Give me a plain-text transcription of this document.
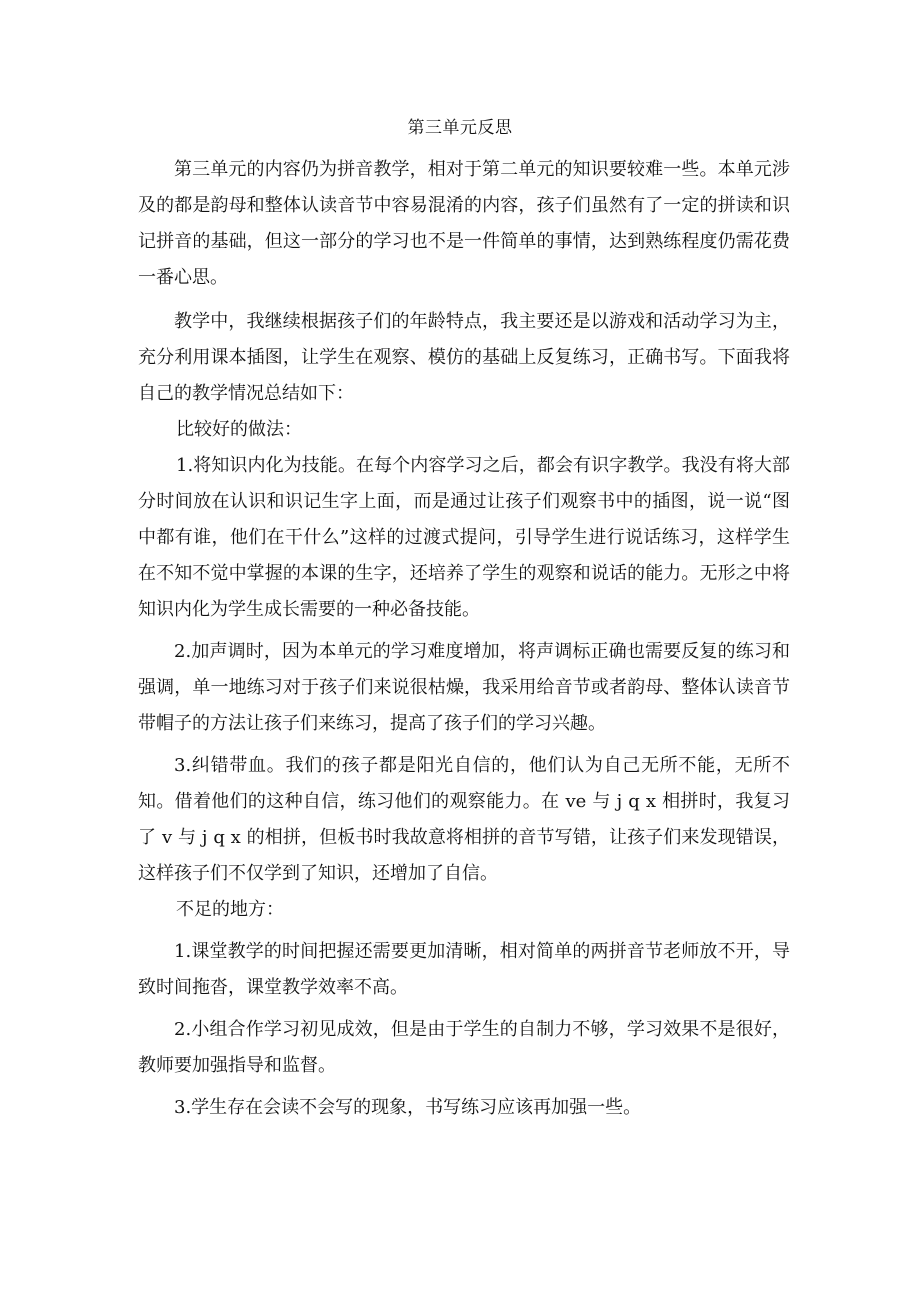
第三单元反思

第三单元的内容仍为拼音教学，相对于第二单元的知识要较难一些。本单元涉及的都是韵母和整体认读音节中容易混淆的内容，孩子们虽然有了一定的拼读和识记拼音的基础，但这一部分的学习也不是一件简单的事情，达到熟练程度仍需花费一番心思。

教学中，我继续根据孩子们的年龄特点，我主要还是以游戏和活动学习为主，充分利用课本插图，让学生在观察、模仿的基础上反复练习，正确书写。下面我将自己的教学情况总结如下：

比较好的做法：

1.将知识内化为技能。在每个内容学习之后，都会有识字教学。我没有将大部分时间放在认识和识记生字上面，而是通过让孩子们观察书中的插图，说一说“图中都有谁，他们在干什么”这样的过渡式提问，引导学生进行说话练习，这样学生在不知不觉中掌握的本课的生字，还培养了学生的观察和说话的能力。无形之中将知识内化为学生成长需要的一种必备技能。

2.加声调时，因为本单元的学习难度增加，将声调标正确也需要反复的练习和强调，单一地练习对于孩子们来说很枯燥，我采用给音节或者韵母、整体认读音节带帽子的方法让孩子们来练习，提高了孩子们的学习兴趣。

3.纠错带血。我们的孩子都是阳光自信的，他们认为自己无所不能，无所不知。借着他们的这种自信，练习他们的观察能力。在 ve 与 j q x 相拼时，我复习了 v 与 j q x 的相拼，但板书时我故意将相拼的音节写错，让孩子们来发现错误，这样孩子们不仅学到了知识，还增加了自信。

不足的地方：

1.课堂教学的时间把握还需要更加清晰，相对简单的两拼音节老师放不开，导致时间拖沓，课堂教学效率不高。

2.小组合作学习初见成效，但是由于学生的自制力不够，学习效果不是很好，教师要加强指导和监督。

3.学生存在会读不会写的现象，书写练习应该再加强一些。
